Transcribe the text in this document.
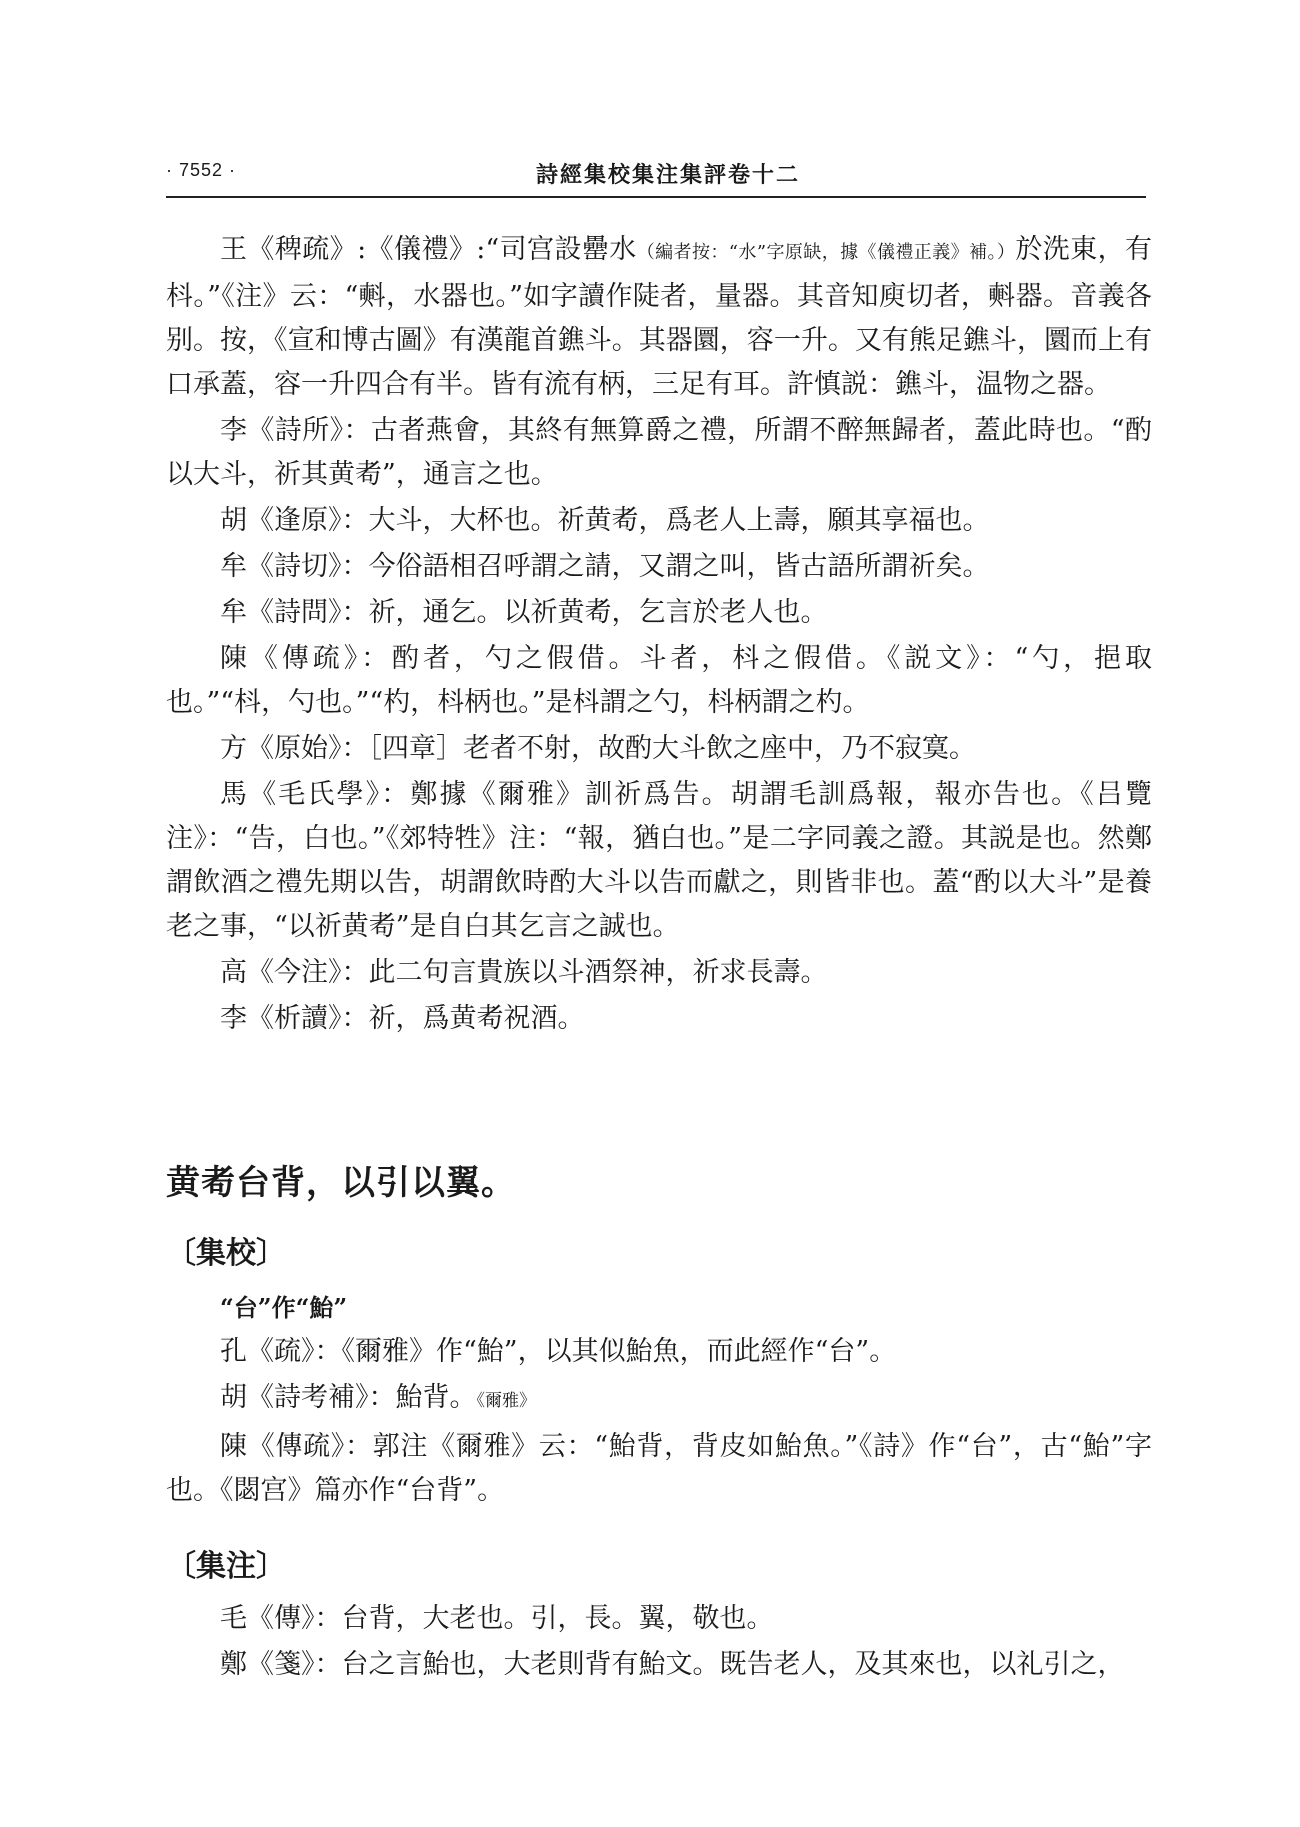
· 7552 ·	詩經集校集注集評卷十二

王《稗疏》:《儀禮》:“司宫設罍水（編者按：“水”字原缺，據《儀禮正義》補。）於洗東，有枓。”《注》云：“㪺，水器也。”如字讀作陡者，量器。其音知庾切者，㪺器。音義各别。按，《宣和博古圖》有漢龍首鐎斗。其器圜，容一升。又有熊足鐎斗，圜而上有口承蓋，容一升四合有半。皆有流有柄，三足有耳。許慎説：鐎斗，温物之器。

李《詩所》：古者燕會，其終有無算爵之禮，所謂不醉無歸者，蓋此時也。“酌以大斗，祈其黄耇”，通言之也。

胡《逢原》：大斗，大杯也。祈黄耇，爲老人上壽，願其享福也。

牟《詩切》：今俗語相召呼謂之請，又謂之叫，皆古語所謂祈矣。

牟《詩問》：祈，通乞。以祈黄耇，乞言於老人也。

陳《傳疏》：酌者，勺之假借。斗者，枓之假借。《説文》：“勺，挹取也。”“枓，勺也。”“杓，枓柄也。”是枓謂之勺，枓柄謂之杓。

方《原始》：［四章］老者不射，故酌大斗飲之座中，乃不寂寞。

馬《毛氏學》：鄭據《爾雅》訓祈爲告。胡謂毛訓爲報，報亦告也。《吕覽注》：“告，白也。”《郊特牲》注：“報，猶白也。”是二字同義之證。其説是也。然鄭謂飲酒之禮先期以告，胡謂飲時酌大斗以告而獻之，則皆非也。蓋“酌以大斗”是養老之事，“以祈黄耇”是自白其乞言之誠也。

高《今注》：此二句言貴族以斗酒祭神，祈求長壽。

李《析讀》：祈，爲黄耇祝酒。

黄耇台背，以引以翼。

〔集校〕

“台”作“鮐”

孔《疏》：《爾雅》作“鮐”，以其似鮐魚，而此經作“台”。

胡《詩考補》：鮐背。《爾雅》

陳《傳疏》：郭注《爾雅》云：“鮐背，背皮如鮐魚。”《詩》作“台”，古“鮐”字也。《閟宫》篇亦作“台背”。

〔集注〕

毛《傳》：台背，大老也。引，長。翼，敬也。

鄭《箋》：台之言鮐也，大老則背有鮐文。既告老人，及其來也，以礼引之，
